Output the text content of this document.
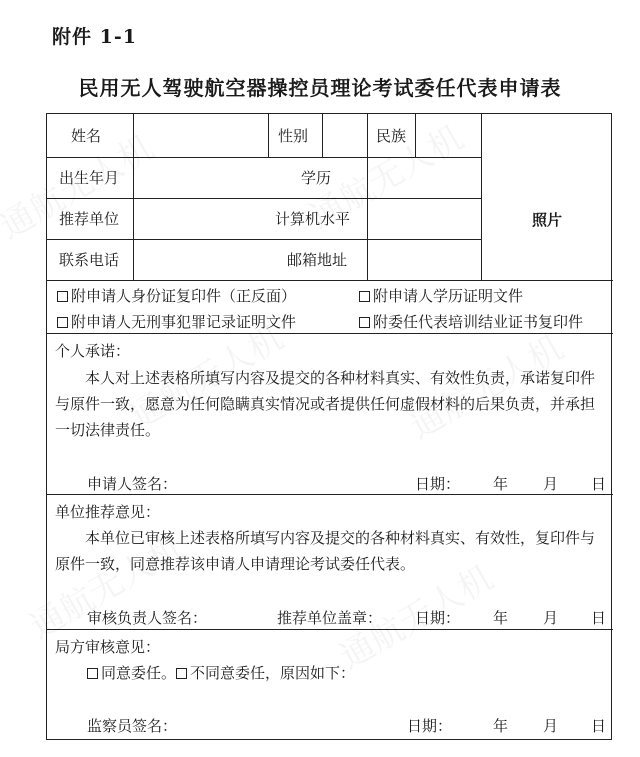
附件 1-1
民用无人驾驶航空器操控员理论考试委任代表申请表
姓名	性别	民族
出生年月	学历
推荐单位	计算机水平
联系电话	邮箱地址
照片
附申请人身份证复印件（正反面）	附申请人学历证明文件
附申请人无刑事犯罪记录证明文件	附委任代表培训结业证书复印件
个人承诺：
本人对上述表格所填写内容及提交的各种材料真实、有效性负责，承诺复印件与原件一致，愿意为任何隐瞒真实情况或者提供任何虚假材料的后果负责，并承担一切法律责任。
申请人签名：	日期： 年 月 日
单位推荐意见：
本单位已审核上述表格所填写内容及提交的各种材料真实、有效性，复印件与原件一致，同意推荐该申请人申请理论考试委任代表。
审核负责人签名：	推荐单位盖章： 日期： 年 月 日
局方审核意见：
同意委任。 不同意委任，原因如下：
监察员签名：	日期：	年 月 日
